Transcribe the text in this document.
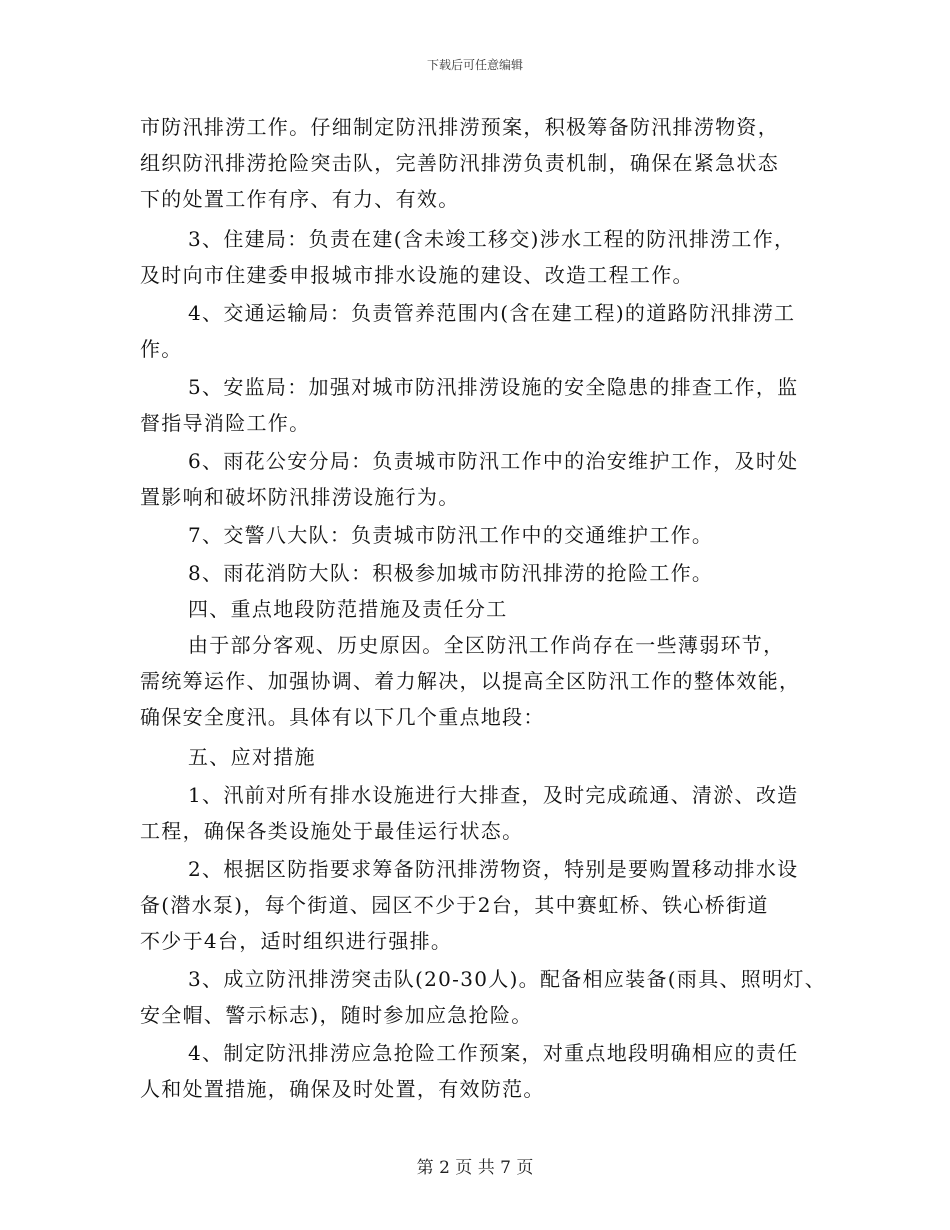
下载后可任意编辑
市防汛排涝工作。仔细制定防汛排涝预案，积极筹备防汛排涝物资，
组织防汛排涝抢险突击队，完善防汛排涝负责机制，确保在紧急状态
下的处置工作有序、有力、有效。
3、住建局：负责在建(含未竣工移交)涉水工程的防汛排涝工作，
及时向市住建委申报城市排水设施的建设、改造工程工作。
4、交通运输局：负责管养范围内(含在建工程)的道路防汛排涝工
作。
5、安监局：加强对城市防汛排涝设施的安全隐患的排查工作，监
督指导消险工作。
6、雨花公安分局：负责城市防汛工作中的治安维护工作，及时处
置影响和破坏防汛排涝设施行为。
7、交警八大队：负责城市防汛工作中的交通维护工作。
8、雨花消防大队：积极参加城市防汛排涝的抢险工作。
四、重点地段防范措施及责任分工
由于部分客观、历史原因。全区防汛工作尚存在一些薄弱环节，
需统筹运作、加强协调、着力解决，以提高全区防汛工作的整体效能，
确保安全度汛。具体有以下几个重点地段：
五、应对措施
1、汛前对所有排水设施进行大排查，及时完成疏通、清淤、改造
工程，确保各类设施处于最佳运行状态。
2、根据区防指要求筹备防汛排涝物资，特别是要购置移动排水设
备(潜水泵)，每个街道、园区不少于2台，其中赛虹桥、铁心桥街道
不少于4台，适时组织进行强排。
3、成立防汛排涝突击队(20-30人)。配备相应装备(雨具、照明灯、
安全帽、警示标志)，随时参加应急抢险。
4、制定防汛排涝应急抢险工作预案，对重点地段明确相应的责任
人和处置措施，确保及时处置，有效防范。
第 2 页 共 7 页
